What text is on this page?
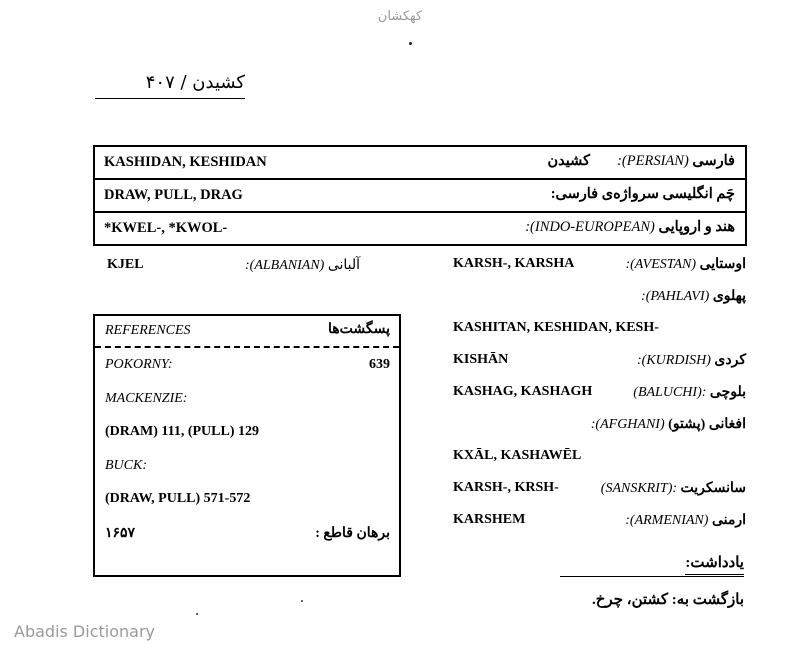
کهکشان
کشیدن / ۴۰۷
KASHIDAN, KESHIDAN	کشیدن	فارسی (PERSIAN):
DRAW, PULL, DRAG	چَم انگلیسی سرواژه‌ی فارسی:
*KWEL-, *KWOL-	هند و اروپایی (INDO-EUROPEAN):
KJEL	آلبانی (ALBANIAN):	KARSH-, KARSHA	اوستایی (AVESTAN):
پهلوی (PAHLAVI):
KASHITAN, KESHIDAN, KESH-
KISHĀN	کردی (KURDISH):
KASHAG, KASHAGH	بلوچی :(BALUCHI)
افغانی (پشتو) (AFGHANI):
KXĀL, KASHAWĒL
KARSH-, KRSH-	سانسکریت :(SANSKRIT)
KARSHEM	ارمنی (ARMENIAN):
REFERENCES	پسگشت‌ها
POKORNY:	639
MACKENZIE:
(DRAM) 111, (PULL) 129
BUCK:
(DRAW, PULL) 571-572
۱۶۵۷	برهان قاطع :
یادداشت:
بازگشت به: کشتن، چرخ.
Abadis Dictionary
